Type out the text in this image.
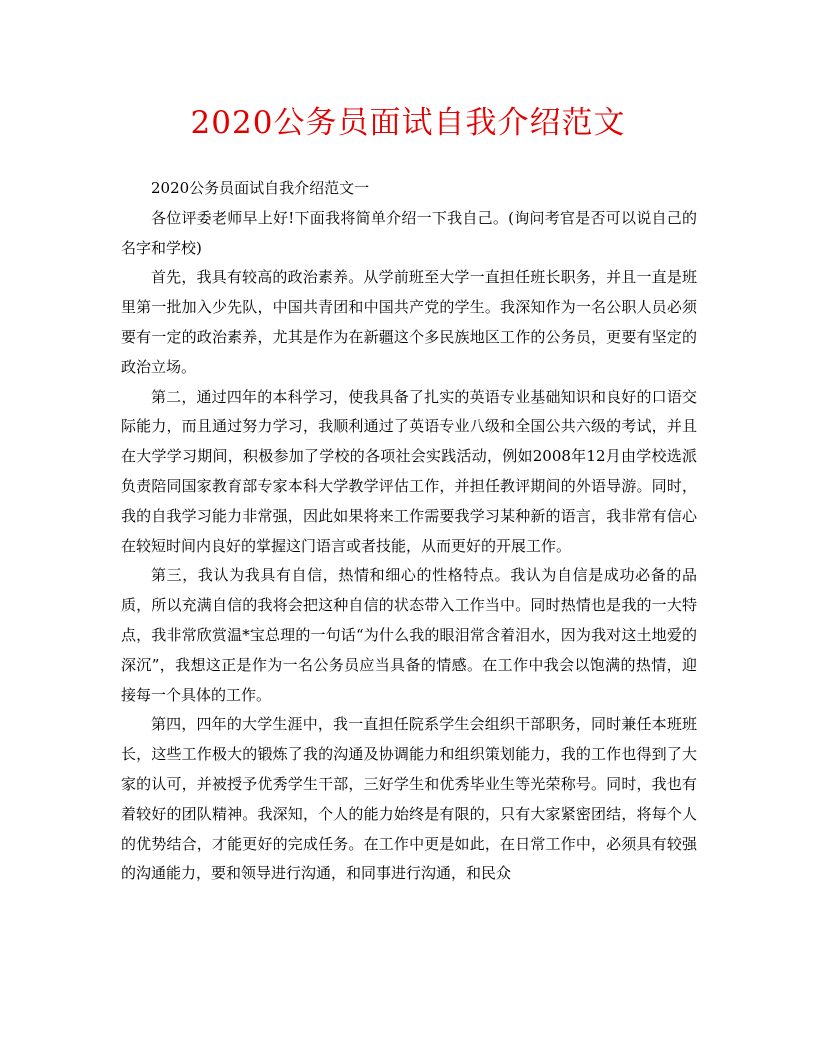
2020公务员面试自我介绍范文

2020公务员面试自我介绍范文一

各位评委老师早上好!下面我将简单介绍一下我自己。(询问考官是否可以说自己的名字和学校)

首先，我具有较高的政治素养。从学前班至大学一直担任班长职务，并且一直是班里第一批加入少先队，中国共青团和中国共产党的学生。我深知作为一名公职人员必须要有一定的政治素养，尤其是作为在新疆这个多民族地区工作的公务员，更要有坚定的政治立场。

第二，通过四年的本科学习，使我具备了扎实的英语专业基础知识和良好的口语交际能力，而且通过努力学习，我顺利通过了英语专业八级和全国公共六级的考试，并且在大学学习期间，积极参加了学校的各项社会实践活动，例如2008年12月由学校选派负责陪同国家教育部专家本科大学教学评估工作，并担任教评期间的外语导游。同时，我的自我学习能力非常强，因此如果将来工作需要我学习某种新的语言，我非常有信心在较短时间内良好的掌握这门语言或者技能，从而更好的开展工作。

第三，我认为我具有自信，热情和细心的性格特点。我认为自信是成功必备的品质，所以充满自信的我将会把这种自信的状态带入工作当中。同时热情也是我的一大特点，我非常欣赏温*宝总理的一句话“为什么我的眼泪常含着泪水，因为我对这土地爱的深沉”，我想这正是作为一名公务员应当具备的情感。在工作中我会以饱满的热情，迎接每一个具体的工作。

第四，四年的大学生涯中，我一直担任院系学生会组织干部职务，同时兼任本班班长，这些工作极大的锻炼了我的沟通及协调能力和组织策划能力，我的工作也得到了大家的认可，并被授予优秀学生干部，三好学生和优秀毕业生等光荣称号。同时，我也有着较好的团队精神。我深知，个人的能力始终是有限的，只有大家紧密团结，将每个人的优势结合，才能更好的完成任务。在工作中更是如此，在日常工作中，必须具有较强的沟通能力，要和领导进行沟通，和同事进行沟通，和民众
